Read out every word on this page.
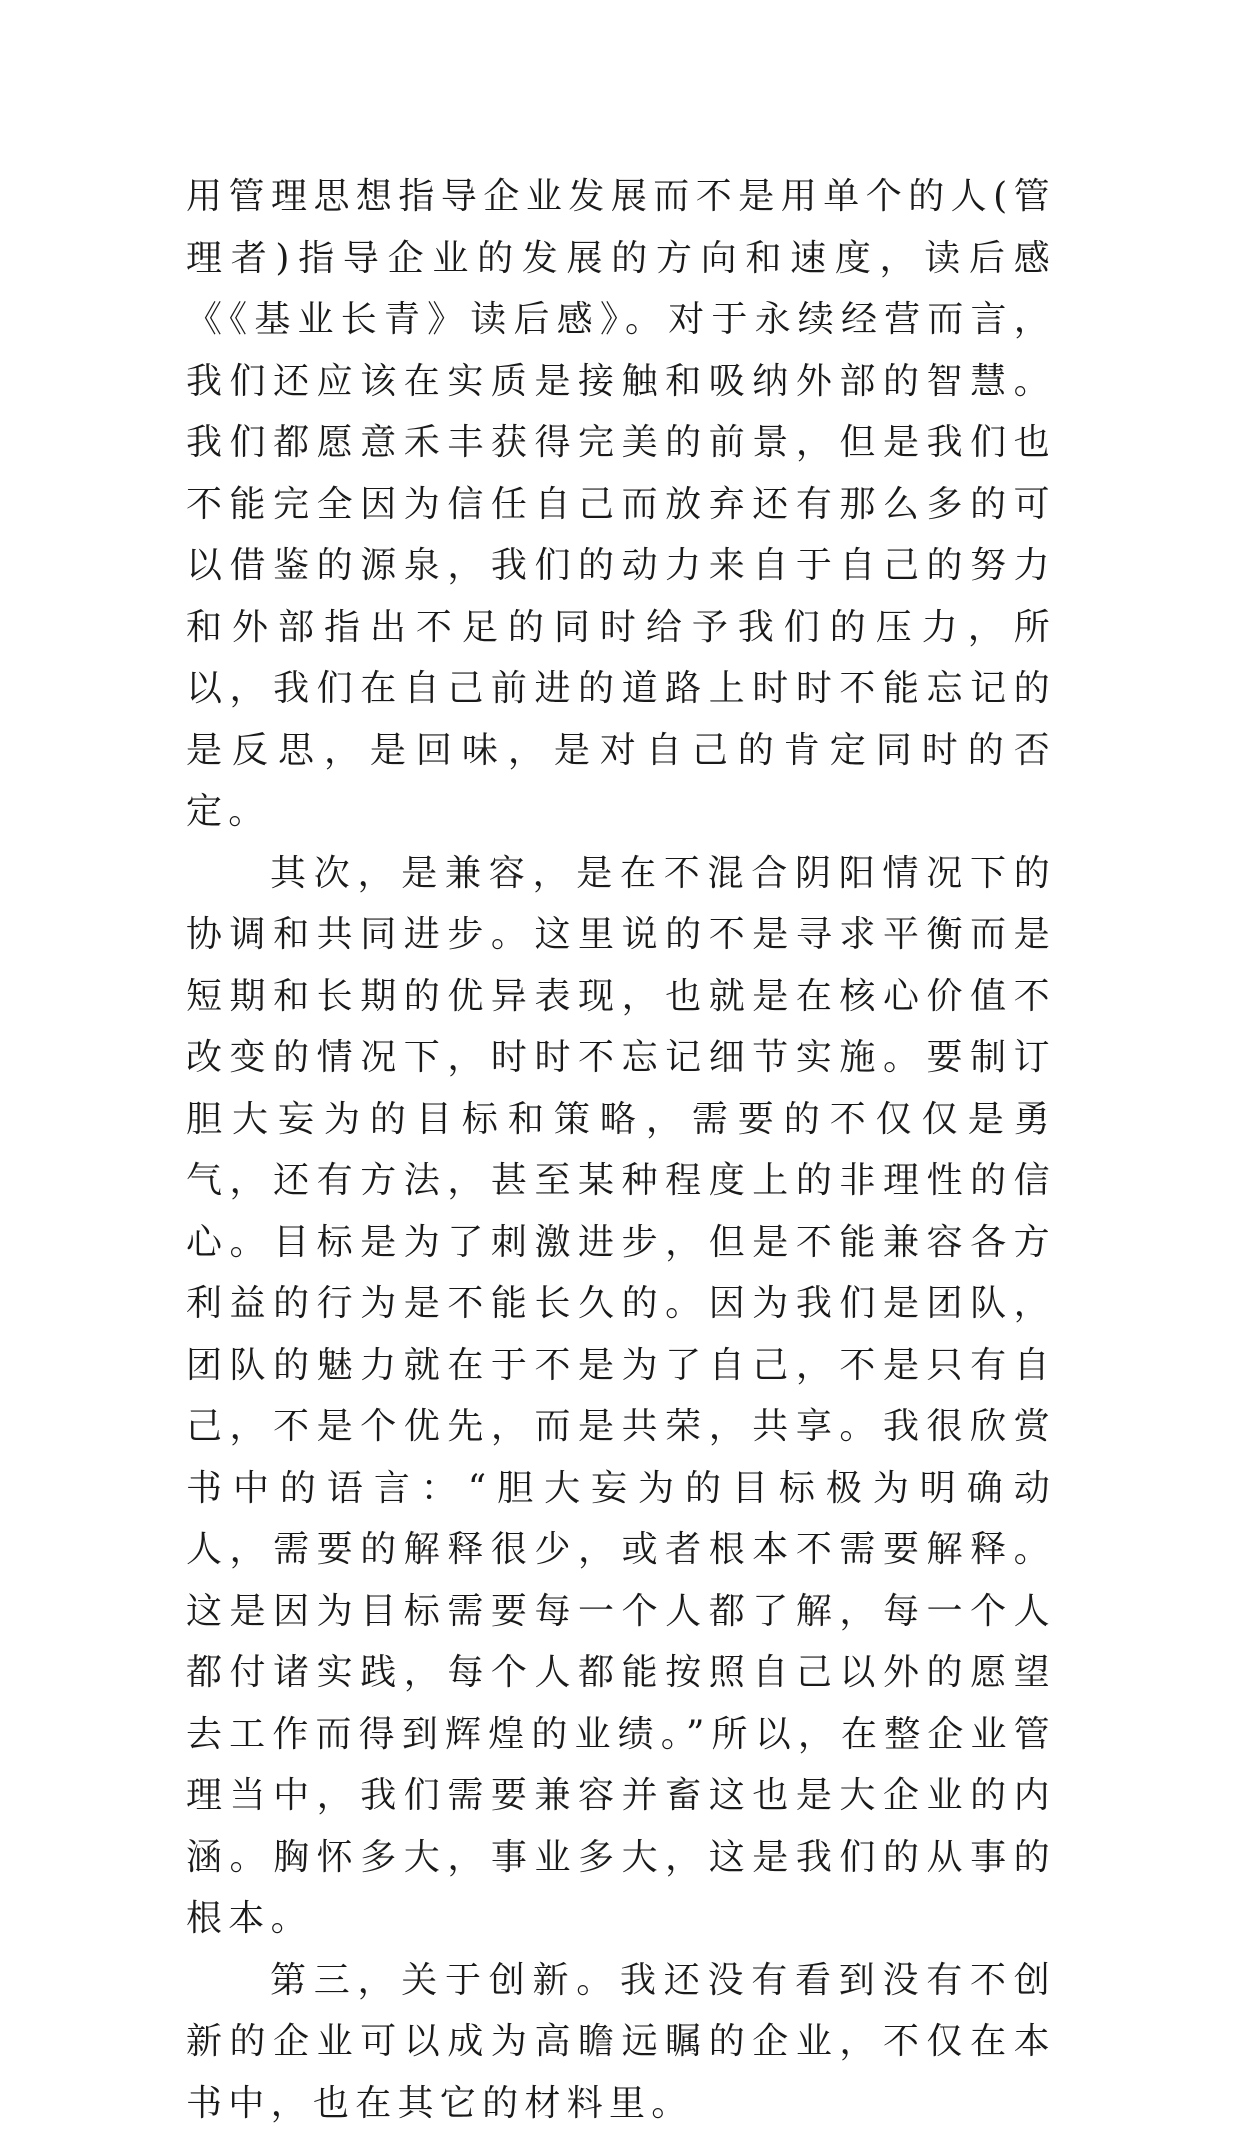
用管理思想指导企业发展而不是用单个的人(管理者)指导企业的发展的方向和速度，读后感《《基业长青》读后感》。对于永续经营而言，我们还应该在实质是接触和吸纳外部的智慧。我们都愿意禾丰获得完美的前景，但是我们也不能完全因为信任自己而放弃还有那么多的可以借鉴的源泉，我们的动力来自于自己的努力和外部指出不足的同时给予我们的压力，所以，我们在自己前进的道路上时时不能忘记的是反思，是回味，是对自己的肯定同时的否定。

其次，是兼容，是在不混合阴阳情况下的协调和共同进步。这里说的不是寻求平衡而是短期和长期的优异表现，也就是在核心价值不改变的情况下，时时不忘记细节实施。要制订胆大妄为的目标和策略，需要的不仅仅是勇气，还有方法，甚至某种程度上的非理性的信心。目标是为了刺激进步，但是不能兼容各方利益的行为是不能长久的。因为我们是团队，团队的魅力就在于不是为了自己，不是只有自己，不是个优先，而是共荣，共享。我很欣赏书中的语言：“胆大妄为的目标极为明确动人，需要的解释很少，或者根本不需要解释。这是因为目标需要每一个人都了解，每一个人都付诸实践，每个人都能按照自己以外的愿望去工作而得到辉煌的业绩。”所以，在整企业管理当中，我们需要兼容并畜这也是大企业的内涵。胸怀多大，事业多大，这是我们的从事的根本。

第三，关于创新。我还没有看到没有不创新的企业可以成为高瞻远瞩的企业，不仅在本书中，也在其它的材料里。
